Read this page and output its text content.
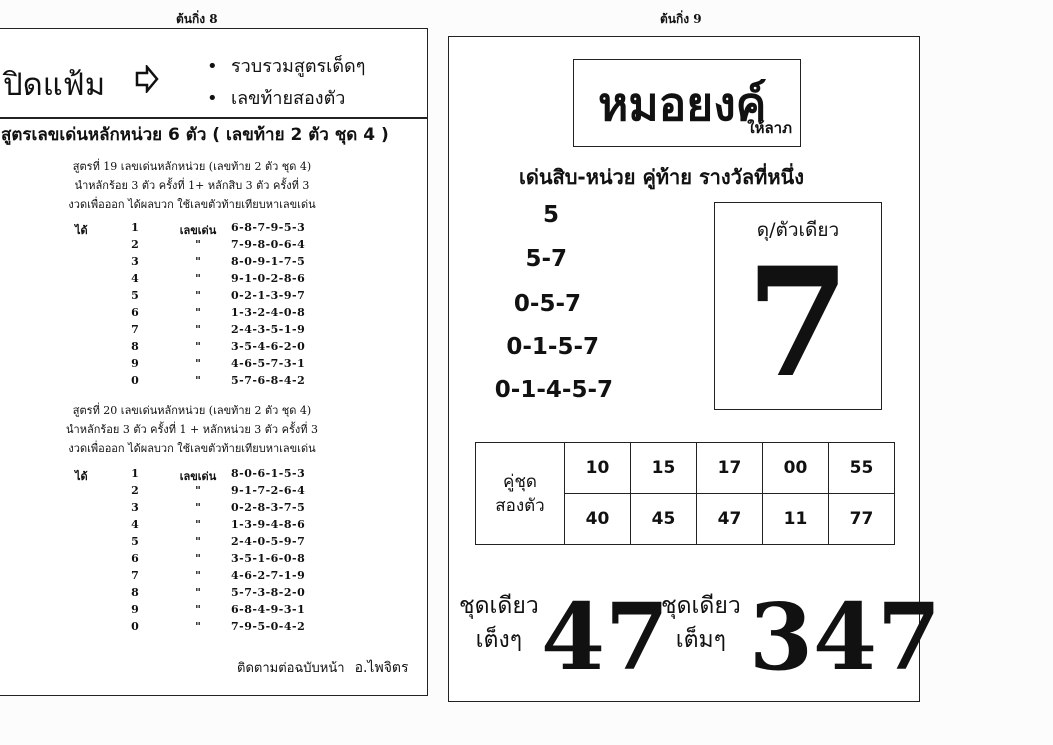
ต้นกิ่ง 8	ต้นกิ่ง 9
ปิดแฟ้ม
• รวบรวมสูตรเด็ดๆ
• เลขท้ายสองตัว
สูตรเลขเด่นหลักหน่วย 6 ตัว ( เลขท้าย 2 ตัว ชุด 4 )
สูตรที่ 19 เลขเด่นหลักหน่วย (เลขท้าย 2 ตัว ชุด 4)
นำหลักร้อย 3 ตัว ครั้งที่ 1+ หลักสิบ 3 ตัว ครั้งที่ 3
งวดเพื่อออก ได้ผลบวก ใช้เลขตัวท้ายเทียบหาเลขเด่น
ได้	1	เลขเด่น	6-8-7-9-5-3
2	"	7-9-8-0-6-4
3	"	8-0-9-1-7-5
4	"	9-1-0-2-8-6
5	"	0-2-1-3-9-7
6	"	1-3-2-4-0-8
7	"	2-4-3-5-1-9
8	"	3-5-4-6-2-0
9	"	4-6-5-7-3-1
0	"	5-7-6-8-4-2
สูตรที่ 20 เลขเด่นหลักหน่วย (เลขท้าย 2 ตัว ชุด 4)
นำหลักร้อย 3 ตัว ครั้งที่ 1 + หลักหน่วย 3 ตัว ครั้งที่ 3
งวดเพื่อออก ได้ผลบวก ใช้เลขตัวท้ายเทียบหาเลขเด่น
ได้	1	เลขเด่น	8-0-6-1-5-3
2	"	9-1-7-2-6-4
3	"	0-2-8-3-7-5
4	"	1-3-9-4-8-6
5	"	2-4-0-5-9-7
6	"	3-5-1-6-0-8
7	"	4-6-2-7-1-9
8	"	5-7-3-8-2-0
9	"	6-8-4-9-3-1
0	"	7-9-5-0-4-2
ติดตามต่อฉบับหน้า อ.ไพจิตร
หมอยงค์
ให้ลาภ
เด่นสิบ-หน่วย คู่ท้าย รางวัลที่หนึ่ง
5
5-7
0-5-7
0-1-5-7
0-1-4-5-7
ดุ/ตัวเดียว
7
คู่ชุด
สองตัว	10	15	17	00	55
	40	45	47	11	77
ชุดเดียว
เต็งๆ 47
ชุดเดียว
เต็มๆ 347
